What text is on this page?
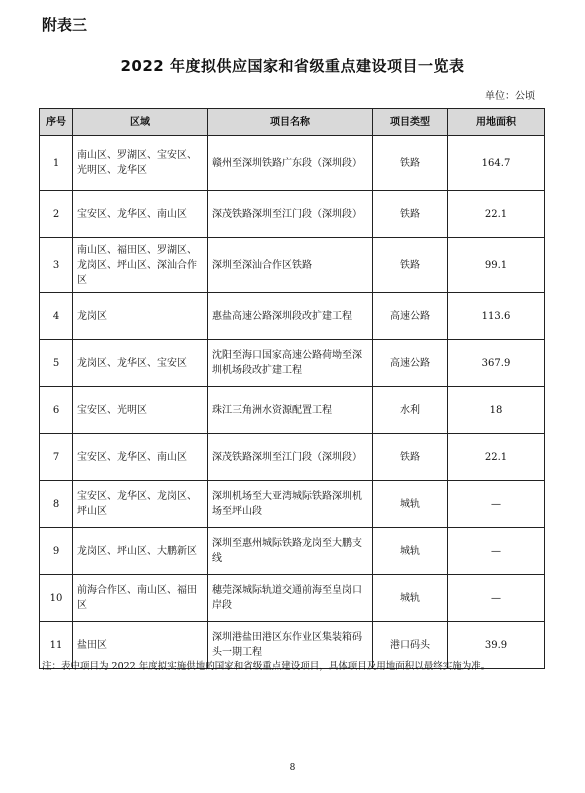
附表三
2022 年度拟供应国家和省级重点建设项目一览表
单位：公顷
序号	区域	项目名称	项目类型	用地面积
1	南山区、罗湖区、宝安区、光明区、龙华区	赣州至深圳铁路广东段（深圳段）	铁路	164.7
2	宝安区、龙华区、南山区	深茂铁路深圳至江门段（深圳段）	铁路	22.1
3	南山区、福田区、罗湖区、龙岗区、坪山区、深汕合作区	深圳至深汕合作区铁路	铁路	99.1
4	龙岗区	惠盐高速公路深圳段改扩建工程	高速公路	113.6
5	龙岗区、龙华区、宝安区	沈阳至海口国家高速公路荷坳至深圳机场段改扩建工程	高速公路	367.9
6	宝安区、光明区	珠江三角洲水资源配置工程	水利	18
7	宝安区、龙华区、南山区	深茂铁路深圳至江门段（深圳段）	铁路	22.1
8	宝安区、龙华区、龙岗区、坪山区	深圳机场至大亚湾城际铁路深圳机场至坪山段	城轨	—
9	龙岗区、坪山区、大鹏新区	深圳至惠州城际铁路龙岗至大鹏支线	城轨	—
10	前海合作区、南山区、福田区	穗莞深城际轨道交通前海至皇岗口岸段	城轨	—
11	盐田区	深圳港盐田港区东作业区集装箱码头一期工程	港口码头	39.9
注：表中项目为 2022 年度拟实施供地的国家和省级重点建设项目，具体项目及用地面积以最终实施为准。
8
